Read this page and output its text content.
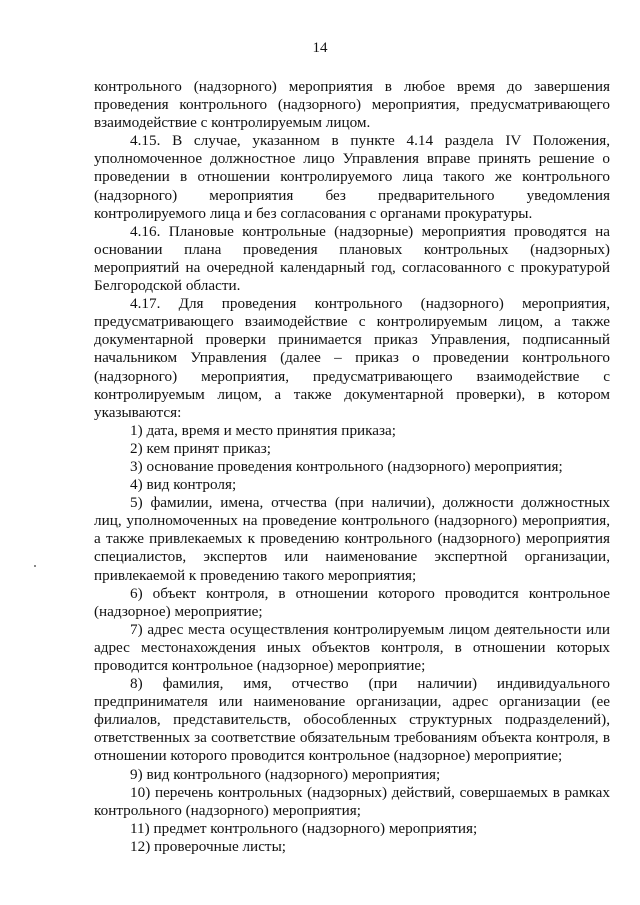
14

контрольного (надзорного) мероприятия в любое время до завершения проведения контрольного (надзорного) мероприятия, предусматривающего взаимодействие с контролируемым лицом.

4.15. В случае, указанном в пункте 4.14 раздела IV Положения, уполномоченное должностное лицо Управления вправе принять решение о проведении в отношении контролируемого лица такого же контрольного (надзорного) мероприятия без предварительного уведомления контролируемого лица и без согласования с органами прокуратуры.

4.16. Плановые контрольные (надзорные) мероприятия проводятся на основании плана проведения плановых контрольных (надзорных) мероприятий на очередной календарный год, согласованного с прокуратурой Белгородской области.

4.17. Для проведения контрольного (надзорного) мероприятия, предусматривающего взаимодействие с контролируемым лицом, а также документарной проверки принимается приказ Управления, подписанный начальником Управления (далее – приказ о проведении контрольного (надзорного) мероприятия, предусматривающего взаимодействие с контролируемым лицом, а также документарной проверки), в котором указываются:

1) дата, время и место принятия приказа;

2) кем принят приказ;

3) основание проведения контрольного (надзорного) мероприятия;

4) вид контроля;

5) фамилии, имена, отчества (при наличии), должности должностных лиц, уполномоченных на проведение контрольного (надзорного) мероприятия, а также привлекаемых к проведению контрольного (надзорного) мероприятия специалистов, экспертов или наименование экспертной организации, привлекаемой к проведению такого мероприятия;

6) объект контроля, в отношении которого проводится контрольное (надзорное) мероприятие;

7) адрес места осуществления контролируемым лицом деятельности или адрес местонахождения иных объектов контроля, в отношении которых проводится контрольное (надзорное) мероприятие;

8) фамилия, имя, отчество (при наличии) индивидуального предпринимателя или наименование организации, адрес организации (ее филиалов, представительств, обособленных структурных подразделений), ответственных за соответствие обязательным требованиям объекта контроля, в отношении которого проводится контрольное (надзорное) мероприятие;

9) вид контрольного (надзорного) мероприятия;

10) перечень контрольных (надзорных) действий, совершаемых в рамках контрольного (надзорного) мероприятия;

11) предмет контрольного (надзорного) мероприятия;

12) проверочные листы;
